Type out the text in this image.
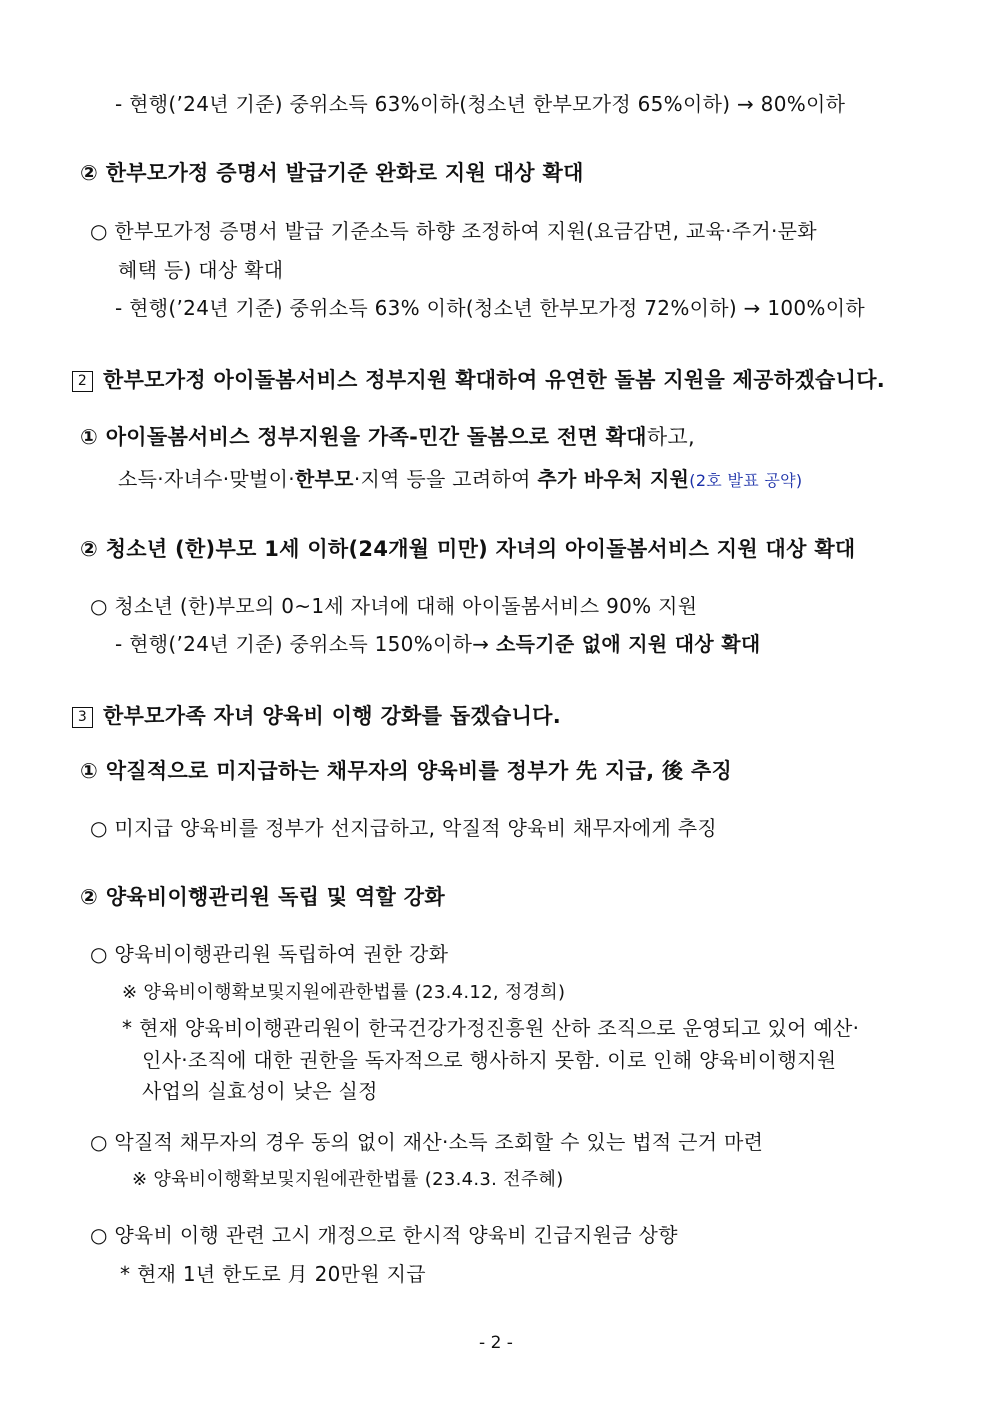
- 현행(’24년 기준) 중위소득 63%이하(청소년 한부모가정 65%이하) → 80%이하
② 한부모가정 증명서 발급기준 완화로 지원 대상 확대
○ 한부모가정 증명서 발급 기준소득 하향 조정하여 지원(요금감면, 교육·주거·문화
혜택 등) 대상 확대
- 현행(’24년 기준) 중위소득 63% 이하(청소년 한부모가정 72%이하) → 100%이하
2 한부모가정 아이돌봄서비스 정부지원 확대하여 유연한 돌봄 지원을 제공하겠습니다.
① 아이돌봄서비스 정부지원을 가족-민간 돌봄으로 전면 확대하고,
소득·자녀수·맞벌이·한부모·지역 등을 고려하여 추가 바우처 지원(2호 발표 공약)
② 청소년 (한)부모 1세 이하(24개월 미만) 자녀의 아이돌봄서비스 지원 대상 확대
○ 청소년 (한)부모의 0~1세 자녀에 대해 아이돌봄서비스 90% 지원
- 현행(’24년 기준) 중위소득 150%이하→ 소득기준 없애 지원 대상 확대
3 한부모가족 자녀 양육비 이행 강화를 돕겠습니다.
① 악질적으로 미지급하는 채무자의 양육비를 정부가 先 지급, 後 추징
○ 미지급 양육비를 정부가 선지급하고, 악질적 양육비 채무자에게 추징
② 양육비이행관리원 독립 및 역할 강화
○ 양육비이행관리원 독립하여 권한 강화
※ 양육비이행확보및지원에관한법률 (23.4.12, 정경희)
* 현재 양육비이행관리원이 한국건강가정진흥원 산하 조직으로 운영되고 있어 예산·
인사·조직에 대한 권한을 독자적으로 행사하지 못함. 이로 인해 양육비이행지원
사업의 실효성이 낮은 실정
○ 악질적 채무자의 경우 동의 없이 재산·소득 조회할 수 있는 법적 근거 마련
※ 양육비이행확보및지원에관한법률 (23.4.3. 전주혜)
○ 양육비 이행 관련 고시 개정으로 한시적 양육비 긴급지원금 상향
* 현재 1년 한도로 月 20만원 지급
- 2 -
